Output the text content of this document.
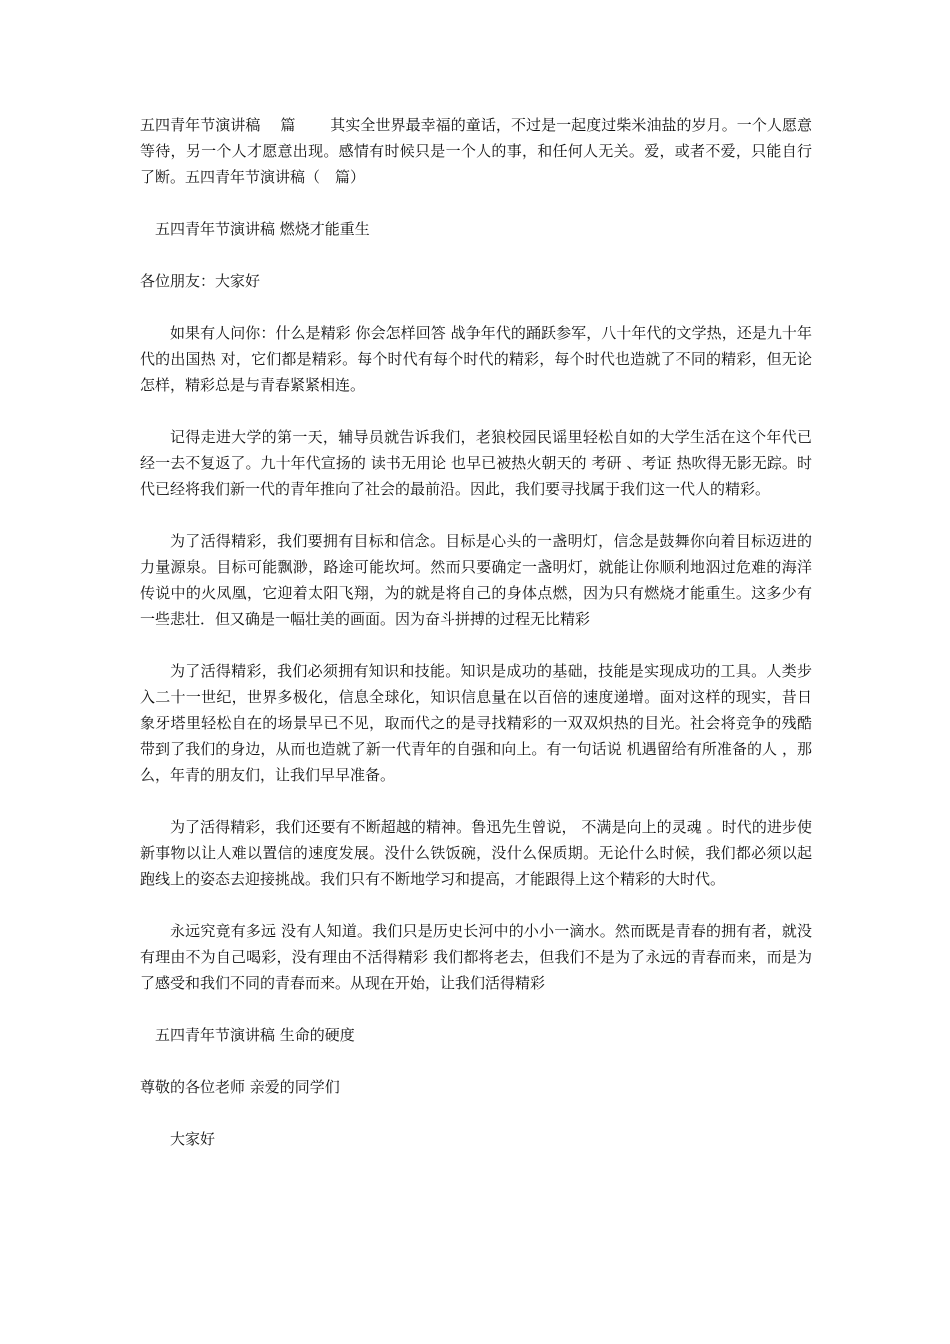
五四青年节演讲稿　 篇　　 其实全世界最幸福的童话，不过是一起度过柴米油盐的岁月。一个人愿意等待，另一个人才愿意出现。感情有时候只是一个人的事，和任何人无关。爱，或者不爱，只能自行了断。五四青年节演讲稿（　篇）

五四青年节演讲稿 燃烧才能重生

各位朋友：大家好

如果有人问你：什么是精彩 你会怎样回答 战争年代的踊跃参军，八十年代的文学热，还是九十年代的出国热 对，它们都是精彩。每个时代有每个时代的精彩，每个时代也造就了不同的精彩，但无论怎样，精彩总是与青春紧紧相连。

记得走进大学的第一天，辅导员就告诉我们，老狼校园民谣里轻松自如的大学生活在这个年代已经一去不复返了。九十年代宣扬的 读书无用论 也早已被热火朝天的 考研 、考证 热吹得无影无踪。时代已经将我们新一代的青年推向了社会的最前沿。因此，我们要寻找属于我们这一代人的精彩。

为了活得精彩，我们要拥有目标和信念。目标是心头的一盏明灯，信念是鼓舞你向着目标迈进的力量源泉。目标可能飘渺，路途可能坎坷。然而只要确定一盏明灯，就能让你顺利地泅过危难的海洋 传说中的火凤凰，它迎着太阳飞翔，为的就是将自己的身体点燃，因为只有燃烧才能重生。这多少有一些悲壮．但又确是一幅壮美的画面。因为奋斗拼搏的过程无比精彩

为了活得精彩，我们必须拥有知识和技能。知识是成功的基础，技能是实现成功的工具。人类步入二十一世纪，世界多极化，信息全球化，知识信息量在以百倍的速度递增。面对这样的现实，昔日象牙塔里轻松自在的场景早已不见，取而代之的是寻找精彩的一双双炽热的目光。社会将竞争的残酷带到了我们的身边，从而也造就了新一代青年的自强和向上。有一句话说 机遇留给有所准备的人 ，那么，年青的朋友们，让我们早早准备。

为了活得精彩，我们还要有不断超越的精神。鲁迅先生曾说， 不满是向上的灵魂 。时代的进步使新事物以让人难以置信的速度发展。没什么铁饭碗，没什么保质期。无论什么时候，我们都必须以起跑线上的姿态去迎接挑战。我们只有不断地学习和提高，才能跟得上这个精彩的大时代。

永远究竟有多远 没有人知道。我们只是历史长河中的小小一滴水。然而既是青春的拥有者，就没有理由不为自己喝彩，没有理由不活得精彩 我们都将老去，但我们不是为了永远的青春而来，而是为了感受和我们不同的青春而来。从现在开始，让我们活得精彩

五四青年节演讲稿 生命的硬度

尊敬的各位老师 亲爱的同学们

大家好
